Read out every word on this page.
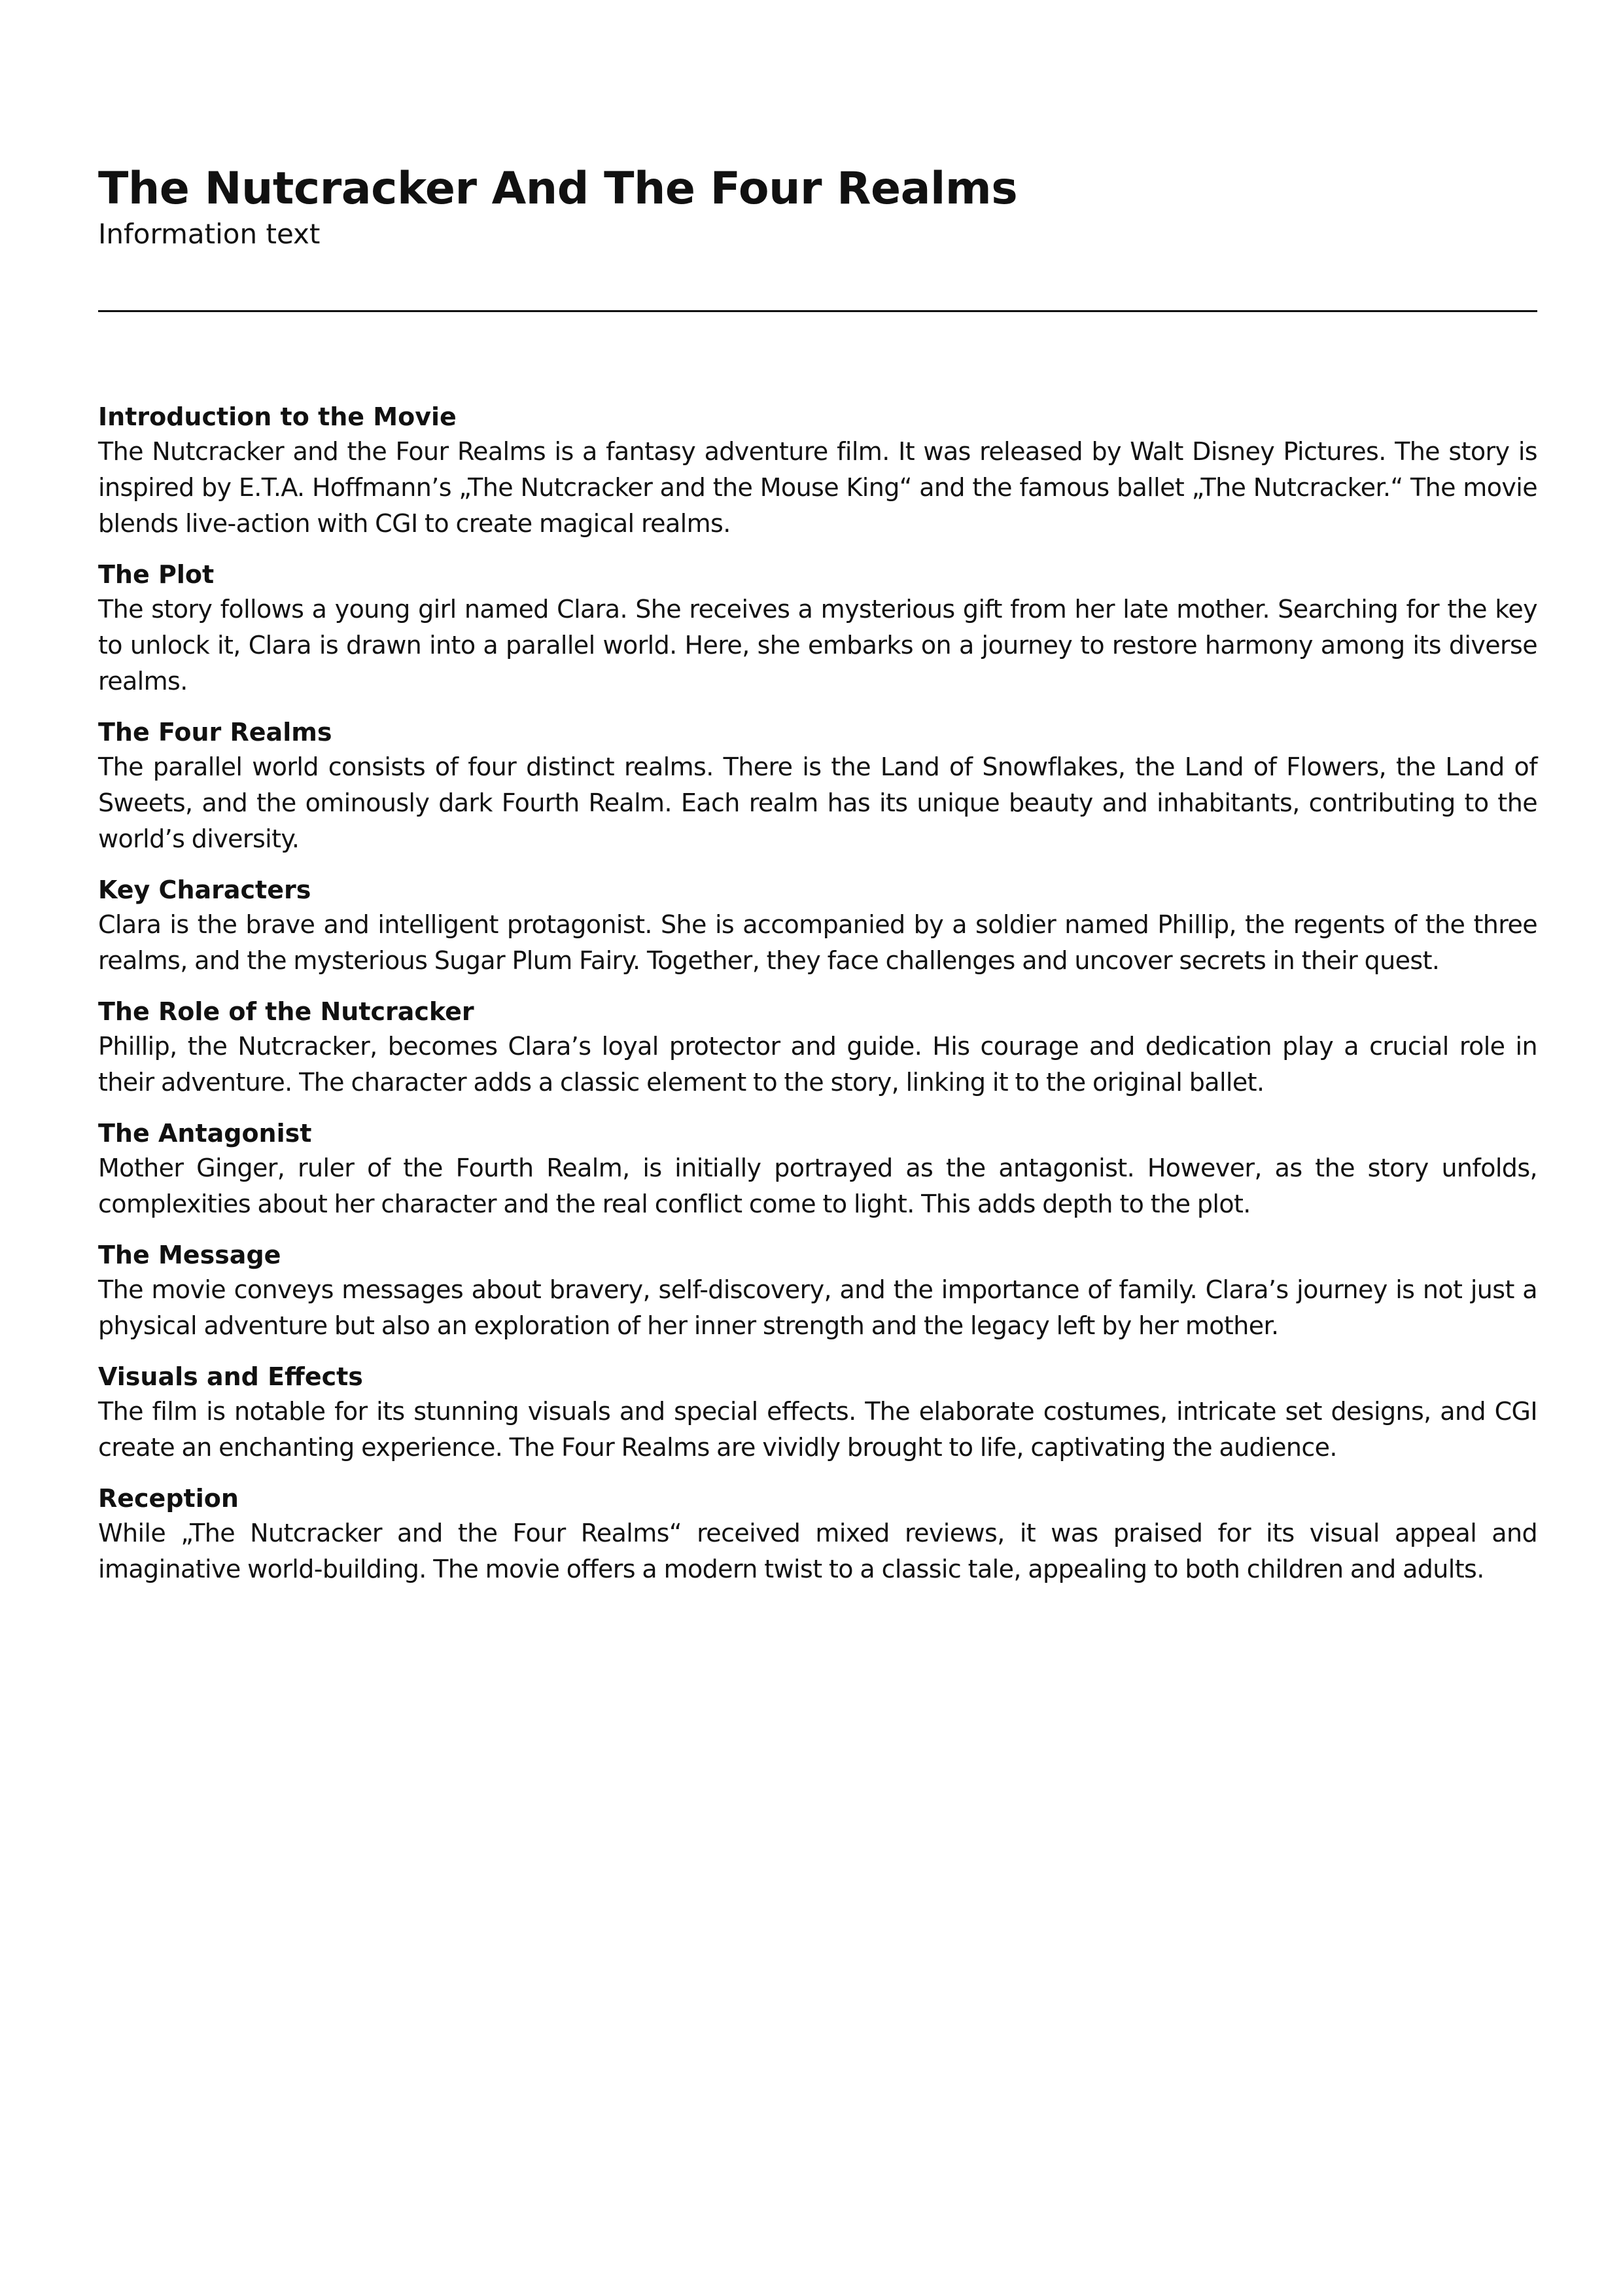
The Nutcracker And The Four Realms

Information text

Introduction to the Movie

The Nutcracker and the Four Realms is a fantasy adventure film. It was released by Walt Disney Pictures. The story is inspired by E.T.A. Hoffmann’s „The Nutcracker and the Mouse King“ and the famous ballet „The Nutcracker.“ The movie blends live-action with CGI to create magical realms.

The Plot

The story follows a young girl named Clara. She receives a mysterious gift from her late mother. Searching for the key to unlock it, Clara is drawn into a parallel world. Here, she embarks on a journey to restore harmony among its diverse realms.

The Four Realms

The parallel world consists of four distinct realms. There is the Land of Snowflakes, the Land of Flowers, the Land of Sweets, and the ominously dark Fourth Realm. Each realm has its unique beauty and inhabitants, contributing to the world’s diversity.

Key Characters

Clara is the brave and intelligent protagonist. She is accompanied by a soldier named Phillip, the regents of the three realms, and the mysterious Sugar Plum Fairy. Together, they face challenges and uncover secrets in their quest.

The Role of the Nutcracker

Phillip, the Nutcracker, becomes Clara’s loyal protector and guide. His courage and dedication play a crucial role in their adventure. The character adds a classic element to the story, linking it to the original ballet.

The Antagonist

Mother Ginger, ruler of the Fourth Realm, is initially portrayed as the antagonist. However, as the story unfolds, complexities about her character and the real conflict come to light. This adds depth to the plot.

The Message

The movie conveys messages about bravery, self-discovery, and the importance of family. Clara’s journey is not just a physical adventure but also an exploration of her inner strength and the legacy left by her mother.

Visuals and Effects

The film is notable for its stunning visuals and special effects. The elaborate costumes, intricate set designs, and CGI create an enchanting experience. The Four Realms are vividly brought to life, captivating the audience.

Reception

While „The Nutcracker and the Four Realms“ received mixed reviews, it was praised for its visual appeal and imaginative world-building. The movie offers a modern twist to a classic tale, appealing to both children and adults.
